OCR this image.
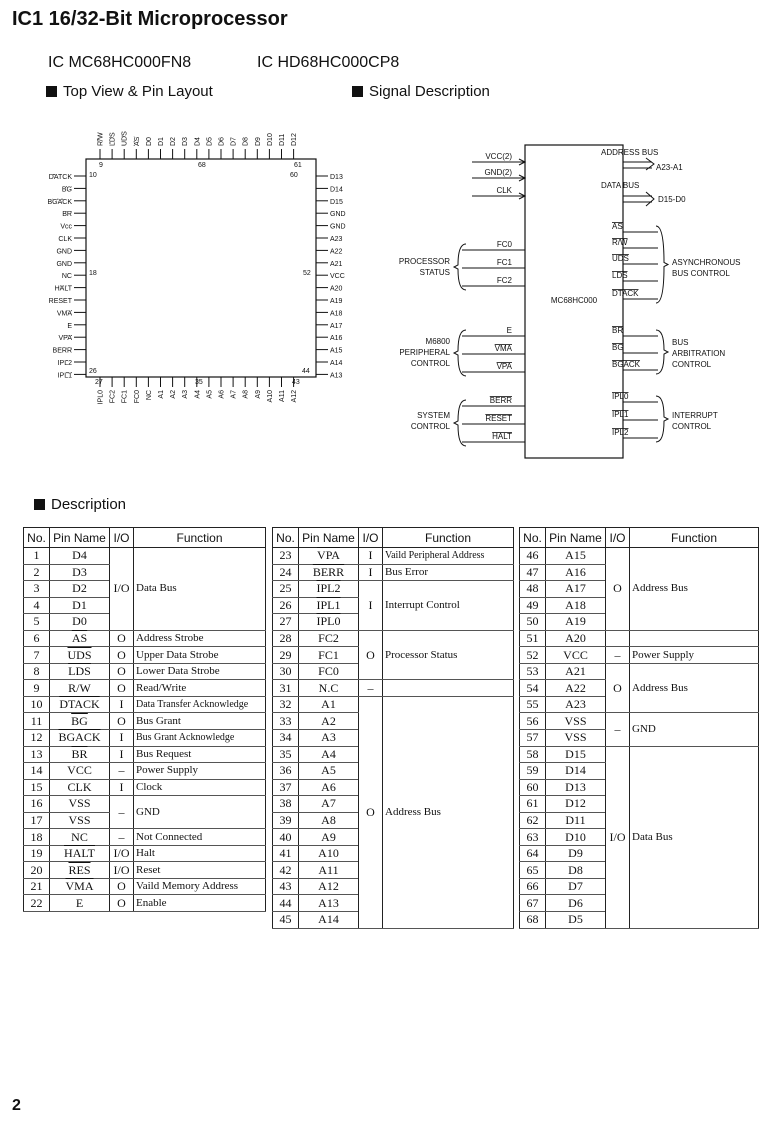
IC1 16/32-Bit Microprocessor
IC MC68HC000FN8	IC HD68HC000CP8
Top View & Pin Layout	Signal Description
R/W LDS UDS AS D0 D1 D2 D3 D4 D5 D6 D7 D8 D9 D10 D11 D12
IPL0 FC2 FC1 FC0 NC A1 A2 A3 A4 A5 A6 A7 A8 A9 A10 A11 A12
DATCK
BG
BGACK
BR
Vcc
CLK
GND
GND
NC
HALT
RESET
VMA
E
VPA
BERR
IPL2
IPL1
D13
D14
D15
GND
GND
A23
A22
A21
VCC
A20
A19
A18
A17
A16
A15
A14
A13
9	68	61
10	60
18	52
26	44
27	35	43
VCC(2)
GND(2)
CLK
FC0
FC1
FC2
PROCESSOR
STATUS
E
VMA
VPA
M6800
PERIPHERAL
CONTROL
BERR
RESET
HALT
SYSTEM
CONTROL
ADDRESS BUS
A23-A1
DATA BUS
D15-D0
AS
R/W
UDS
LDS
DTACK
ASYNCHRONOUS
BUS CONTROL
BR
BG
BGACK
BUS
ARBITRATION
CONTROL
IPL0
IPL1
IPL2
INTERRUPT
CONTROL
MC68HC000
Description
No.	Pin Name	I/O	Function
1	D4	I/O	Data Bus
2	D3		
3	D2		
4	D1		
5	D0		
6	$\overline{AS}$	O	Address Strobe
7	$\overline{UDS}$	O	Upper Data Strobe
8	$\overline{LDS}$	O	Lower Data Strobe
9	R/W	O	Read/Write
10	DTACK	I	Data Transfer Acknowledge
11	$\overline{BG}$	O	Bus Grant
12	BGACK	I	Bus Grant Acknowledge
13	$\overline{BR}$	I	Bus Request
14	VCC	–	Power Supply
15	CLK	I	Clock
16	VSS	–	GND
17	VSS		
18	NC	–	Not Connected
19	HALT	I/O	Halt
20	$\overline{RES}$	I/O	Reset
21	$\overline{VMA}$	O	Vaild Memory Address
22	E	O	Enable
No.	Pin Name	I/O	Function
23	$\overline{VPA}$	I	Vaild Peripheral Address
24	BERR	I	Bus Error
25	IPL2	I	Interrupt Control
26	IPL1		
27	IPL0		
28	FC2	O	Processor Status
29	FC1		
30	FC0		
31	N.C	–	
32	A1	O	Address Bus
33	A2		
34	A3		
35	A4		
36	A5		
37	A6		
38	A7		
39	A8		
40	A9		
41	A10		
42	A11		
43	A12		
44	A13		
45	A14		
No.	Pin Name	I/O	Function
46	A15	O	Address Bus
47	A16		
48	A17		
49	A18		
50	A19		
51	A20		
52	VCC	–	Power Supply
53	A21	O	Address Bus
54	A22		
55	A23		
56	VSS	–	GND
57	VSS		
58	D15	I/O	Data Bus
59	D14		
60	D13		
61	D12		
62	D11		
63	D10		
64	D9		
65	D8		
66	D7		
67	D6		
68	D5		
2
